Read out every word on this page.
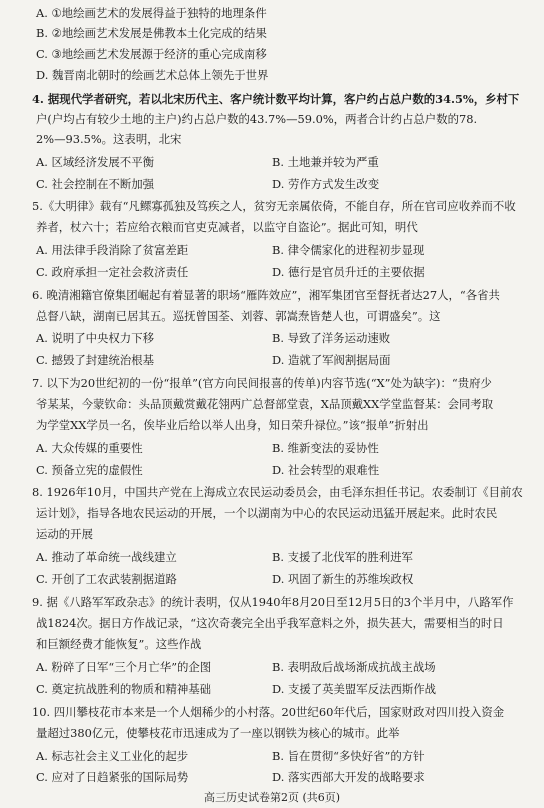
A. ①地绘画艺术的发展得益于独特的地理条件
B. ②地绘画艺术发展是佛教本土化完成的结果
C. ③地绘画艺术发展源于经济的重心完成南移
D. 魏晋南北朝时的绘画艺术总体上领先于世界
4. 据现代学者研究，若以北宋历代主、客户统计数平均计算，客户约占总户数的34.5%，乡村下
户(户均占有较少土地的主户)约占总户数的43.7%—59.0%，两者合计约占总户数的78.
2%—93.5%。这表明，北宋
A. 区域经济发展不平衡	B. 土地兼并较为严重
C. 社会控制在不断加强	D. 劳作方式发生改变
5.《大明律》载有“凡鳏寡孤独及笃疾之人，贫穷无亲属依倚，不能自存，所在官司应收养而不收
养者，杖六十；若应给衣粮而官吏克减者，以监守自盗论”。据此可知，明代
A. 用法律手段消除了贫富差距	B. 律令儒家化的进程初步显现
C. 政府承担一定社会救济责任	D. 德行是官员升迁的主要依据
6. 晚清湘籍官僚集团崛起有着显著的职场“雁阵效应”，湘军集团官至督抚者达27人，“各省共
总督八缺，湖南已居其五。巡抚曾国荃、刘蓉、郭嵩焘皆楚人也，可谓盛矣”。这
A. 说明了中央权力下移	B. 导致了洋务运动速败
C. 撼毁了封建统治根基	D. 造就了军阀割据局面
7. 以下为20世纪初的一份“报单”(官方向民间报喜的传单)内容节选(“X”处为缺字)：“贵府少
爷某某，今蒙钦命：头品顶戴赏戴花翎两广总督部堂袁，X品顶戴XX学堂监督某：会同考取
为学堂XX学员一名，俟毕业后给以举人出身，知日荣升禄位。”该“报单”折射出
A. 大众传媒的重要性	B. 维新变法的妥协性
C. 预备立宪的虚假性	D. 社会转型的艰难性
8. 1926年10月，中国共产党在上海成立农民运动委员会，由毛泽东担任书记。农委制订《目前农
运计划》，指导各地农民运动的开展，一个以湖南为中心的农民运动迅猛开展起来。此时农民
运动的开展
A. 推动了革命统一战线建立	B. 支援了北伐军的胜利进军
C. 开创了工农武装割据道路	D. 巩固了新生的苏维埃政权
9. 据《八路军军政杂志》的统计表明，仅从1940年8月20日至12月5日的3个半月中，八路军作
战1824次。据日方作战记录，“这次奇袭完全出乎我军意料之外，损失甚大，需要相当的时日
和巨额经费才能恢复”。这些作战
A. 粉碎了日军“三个月亡华”的企图	B. 表明敌后战场渐成抗战主战场
C. 奠定抗战胜利的物质和精神基础	D. 支援了英美盟军反法西斯作战
10. 四川攀枝花市本来是一个人烟稀少的小村落。20世纪60年代后，国家财政对四川投入资金
量超过380亿元，使攀枝花市迅速成为了一座以钢铁为核心的城市。此举
A. 标志社会主义工业化的起步	B. 旨在贯彻“多快好省”的方针
C. 应对了日趋紧张的国际局势	D. 落实西部大开发的战略要求
高三历史试卷第2页 (共6页)
